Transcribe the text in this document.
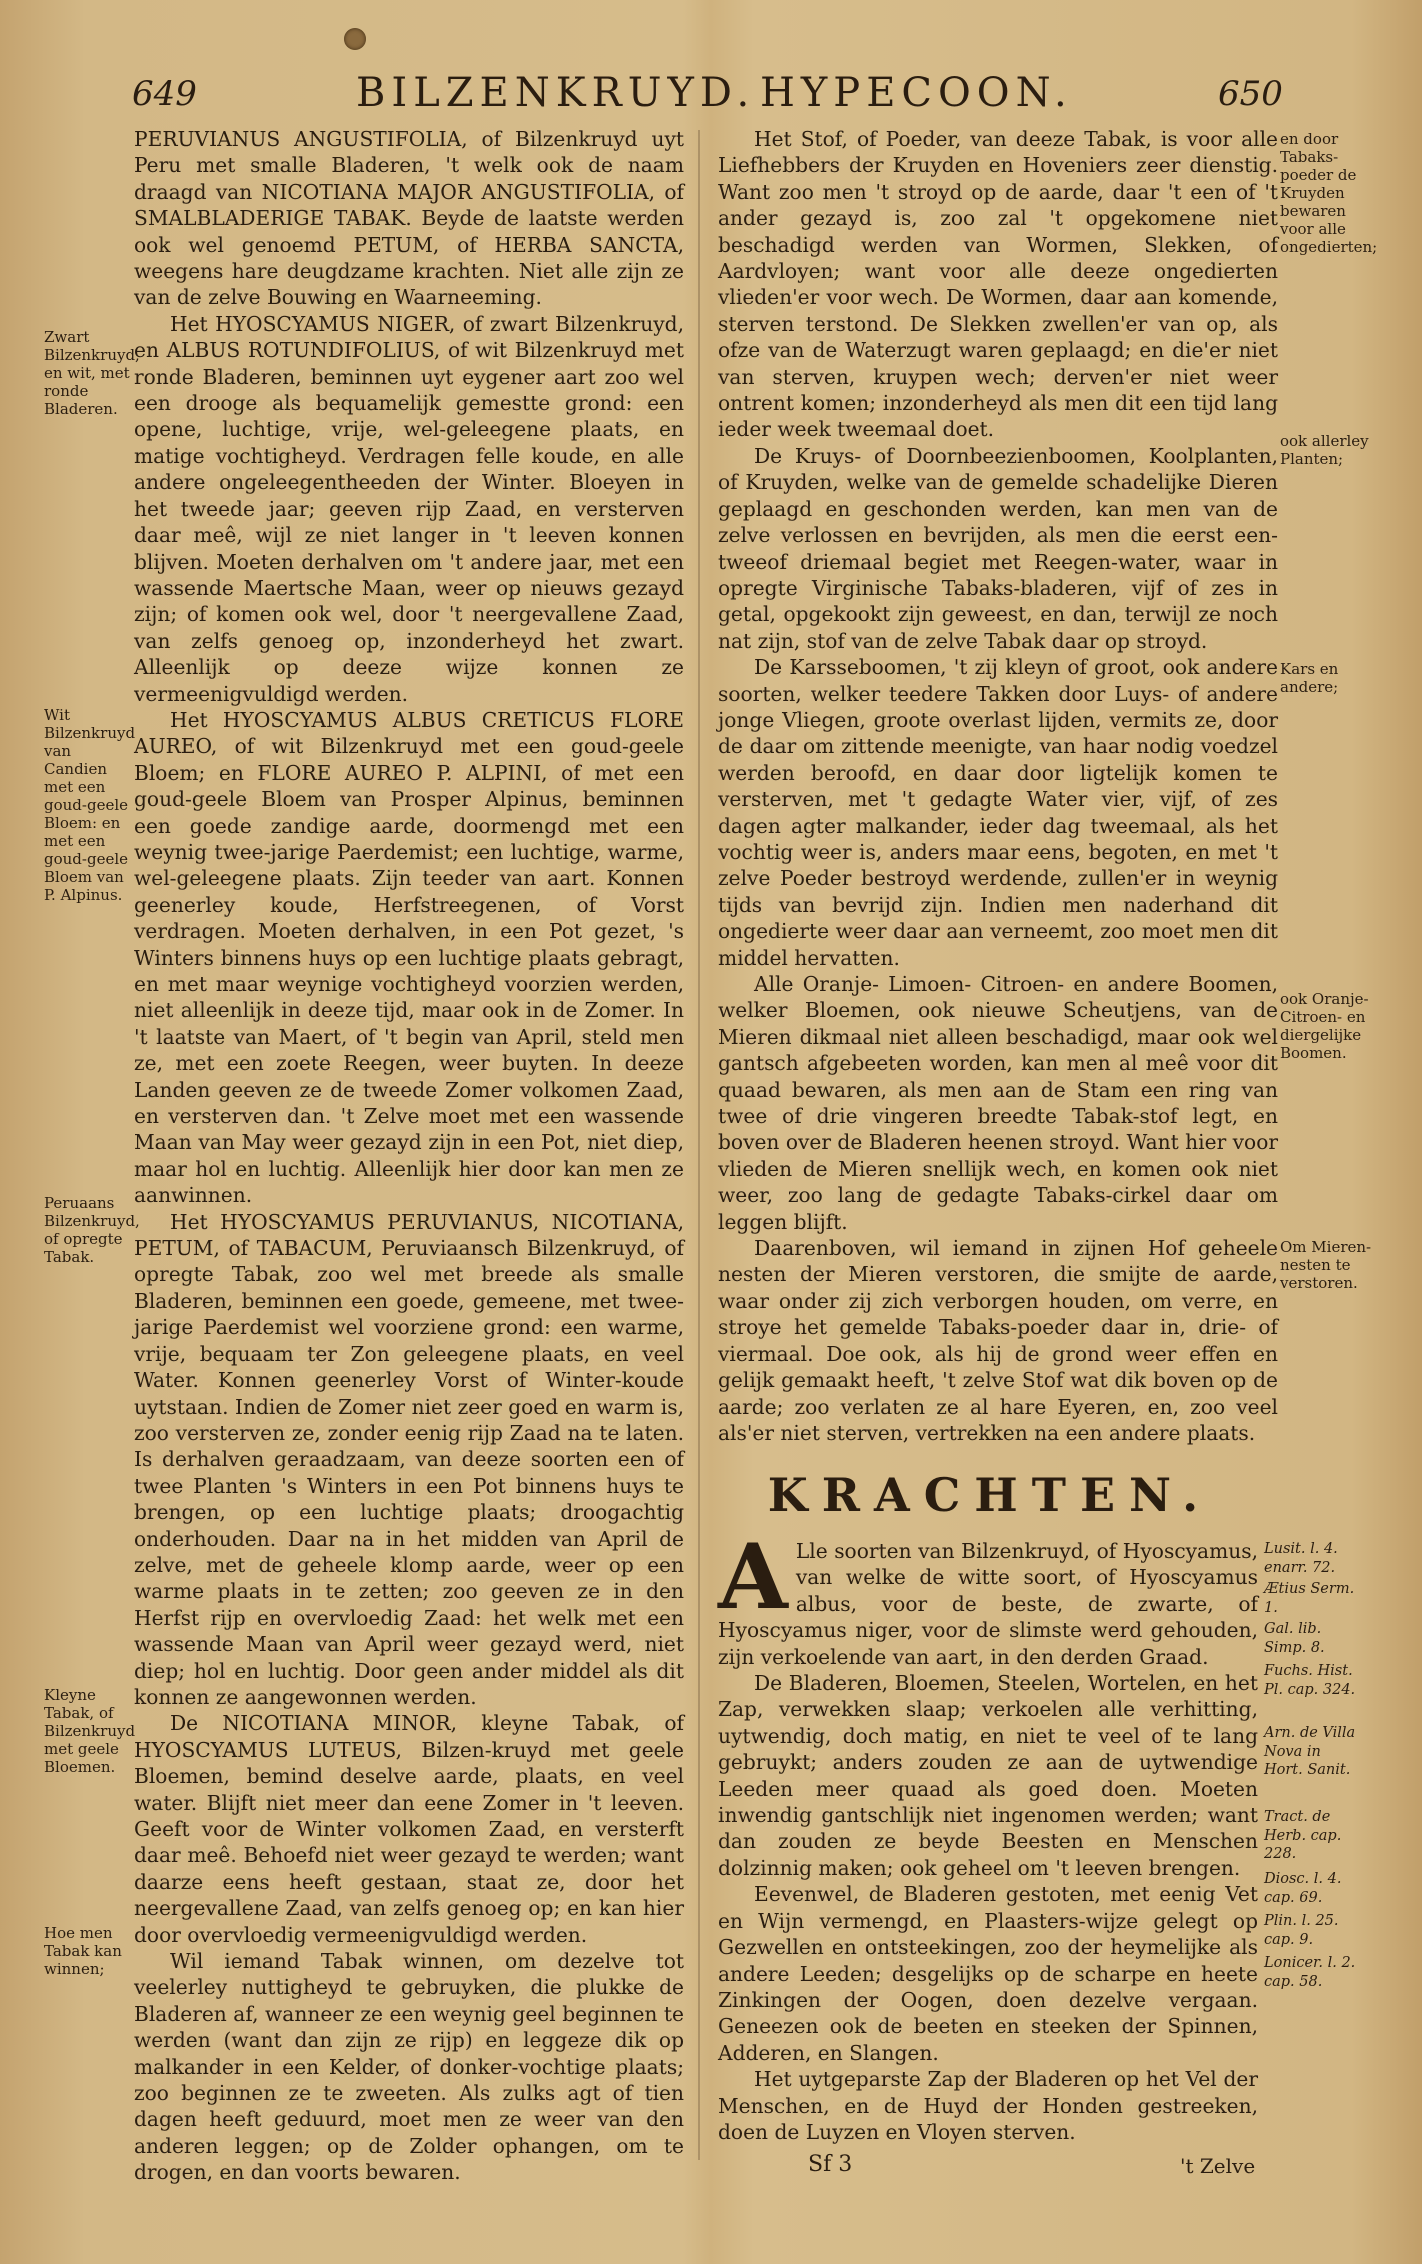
649	BILZENKRUYD. HYPECOON.	650
Zwart Bilzenkruyd, en wit, met ronde Bladeren.
Wit Bilzenkruyd van Candien met een goud-geele Bloem: en met een goud-geele Bloem van P. Alpinus.
Peruaans Bilzenkruyd, of opregte Tabak.
Kleyne Tabak, of Bilzenkruyd met geele Bloemen.
Hoe men Tabak kan winnen;

PERUVIANUS ANGUSTIFOLIA, of Bilzenkruyd uyt Peru met smalle Bladeren, 't welk ook de naam draagd van NICOTIANA MAJOR ANGUSTIFOLIA, of SMALBLADERIGE TABAK. Beyde de laatste werden ook wel genoemd PETUM, of HERBA SANCTA, weegens hare deugdzame krachten. Niet alle zijn ze van de zelve Bouwing en Waarneeming.

Het HYOSCYAMUS NIGER, of zwart Bilzenkruyd, en ALBUS ROTUNDIFOLIUS, of wit Bilzenkruyd met ronde Bladeren, beminnen uyt eygener aart zoo wel een drooge als bequamelijk gemestte grond: een opene, luchtige, vrije, wel-geleegene plaats, en matige vochtigheyd. Verdragen felle koude, en alle andere ongeleegentheeden der Winter. Bloeyen in het tweede jaar; geeven rijp Zaad, en versterven daar meê, wijl ze niet langer in 't leeven konnen blijven. Moeten derhalven om 't andere jaar, met een wassende Maertsche Maan, weer op nieuws gezayd zijn; of komen ook wel, door 't neergevallene Zaad, van zelfs genoeg op, inzonderheyd het zwart. Alleenlijk op deeze wijze konnen ze vermeenigvuldigd werden.

Het HYOSCYAMUS ALBUS CRETICUS FLORE AUREO, of wit Bilzenkruyd met een goud-geele Bloem; en FLORE AUREO P. ALPINI, of met een goud-geele Bloem van Prosper Alpinus, beminnen een goede zandige aarde, doormengd met een weynig twee-jarige Paerdemist; een luchtige, warme, wel-geleegene plaats. Zijn teeder van aart. Konnen geenerley koude, Herfstreegenen, of Vorst verdragen. Moeten derhalven, in een Pot gezet, 's Winters binnens huys op een luchtige plaats gebragt, en met maar weynige vochtigheyd voorzien werden, niet alleenlijk in deeze tijd, maar ook in de Zomer. In 't laatste van Maert, of 't begin van April, steld men ze, met een zoete Reegen, weer buyten. In deeze Landen geeven ze de tweede Zomer volkomen Zaad, en versterven dan. 't Zelve moet met een wassende Maan van May weer gezayd zijn in een Pot, niet diep, maar hol en luchtig. Alleenlijk hier door kan men ze aanwinnen.

Het HYOSCYAMUS PERUVIANUS, NICOTIANA, PETUM, of TABACUM, Peruviaansch Bilzenkruyd, of opregte Tabak, zoo wel met breede als smalle Bladeren, beminnen een goede, gemeene, met twee-jarige Paerdemist wel voorziene grond: een warme, vrije, bequaam ter Zon geleegene plaats, en veel Water. Konnen geenerley Vorst of Winter-koude uytstaan. Indien de Zomer niet zeer goed en warm is, zoo versterven ze, zonder eenig rijp Zaad na te laten. Is derhalven geraadzaam, van deeze soorten een of twee Planten 's Winters in een Pot binnens huys te brengen, op een luchtige plaats; droogachtig onderhouden. Daar na in het midden van April de zelve, met de geheele klomp aarde, weer op een warme plaats in te zetten; zoo geeven ze in den Herfst rijp en overvloedig Zaad: het welk met een wassende Maan van April weer gezayd werd, niet diep; hol en luchtig. Door geen ander middel als dit konnen ze aangewonnen werden.

De NICOTIANA MINOR, kleyne Tabak, of HYOSCYAMUS LUTEUS, Bilzen-kruyd met geele Bloemen, bemind deselve aarde, plaats, en veel water. Blijft niet meer dan eene Zomer in 't leeven. Geeft voor de Winter volkomen Zaad, en versterft daar meê. Behoefd niet weer gezayd te werden; want daarze eens heeft gestaan, staat ze, door het neergevallene Zaad, van zelfs genoeg op; en kan hier door overvloedig vermeenigvuldigd werden.

Wil iemand Tabak winnen, om dezelve tot veelerley nuttigheyd te gebruyken, die plukke de Bladeren af, wanneer ze een weynig geel beginnen te werden (want dan zijn ze rijp) en leggeze dik op malkander in een Kelder, of donker-vochtige plaats; zoo beginnen ze te zweeten. Als zulks agt of tien dagen heeft geduurd, moet men ze weer van den anderen leggen; op de Zolder ophangen, om te drogen, en dan voorts bewaren.

en door Tabaks-poeder de Kruyden bewaren voor alle ongedierten;
ook allerley Planten;
Kars en andere;
ook Oranje- Citroen- en diergelijke Boomen.
Om Mieren-nesten te verstoren.

Het Stof, of Poeder, van deeze Tabak, is voor alle Liefhebbers der Kruyden en Hoveniers zeer dienstig. Want zoo men 't stroyd op de aarde, daar 't een of 't ander gezayd is, zoo zal 't opgekomene niet beschadigd werden van Wormen, Slekken, of Aardvloyen; want voor alle deeze ongedierten vlieden'er voor wech. De Wormen, daar aan komende, sterven terstond. De Slekken zwellen'er van op, als ofze van de Waterzugt waren geplaagd; en die'er niet van sterven, kruypen wech; derven'er niet weer ontrent komen; inzonderheyd als men dit een tijd lang ieder week tweemaal doet.

De Kruys- of Doornbeezienboomen, Koolplanten, of Kruyden, welke van de gemelde schadelijke Dieren geplaagd en geschonden werden, kan men van de zelve verlossen en bevrijden, als men die eerst een- tweeof driemaal begiet met Reegen-water, waar in opregte Virginische Tabaks-bladeren, vijf of zes in getal, opgekookt zijn geweest, en dan, terwijl ze noch nat zijn, stof van de zelve Tabak daar op stroyd.

De Karsseboomen, 't zij kleyn of groot, ook andere soorten, welker teedere Takken door Luys- of andere jonge Vliegen, groote overlast lijden, vermits ze, door de daar om zittende meenigte, van haar nodig voedzel werden beroofd, en daar door ligtelijk komen te versterven, met 't gedagte Water vier, vijf, of zes dagen agter malkander, ieder dag tweemaal, als het vochtig weer is, anders maar eens, begoten, en met 't zelve Poeder bestroyd werdende, zullen'er in weynig tijds van bevrijd zijn. Indien men naderhand dit ongedierte weer daar aan verneemt, zoo moet men dit middel hervatten.

Alle Oranje- Limoen- Citroen- en andere Boomen, welker Bloemen, ook nieuwe Scheutjens, van de Mieren dikmaal niet alleen beschadigd, maar ook wel gantsch afgebeeten worden, kan men al meê voor dit quaad bewaren, als men aan de Stam een ring van twee of drie vingeren breedte Tabak-stof legt, en boven over de Bladeren heenen stroyd. Want hier voor vlieden de Mieren snellijk wech, en komen ook niet weer, zoo lang de gedagte Tabaks-cirkel daar om leggen blijft.

Daarenboven, wil iemand in zijnen Hof geheele nesten der Mieren verstoren, die smijte de aarde, waar onder zij zich verborgen houden, om verre, en stroye het gemelde Tabaks-poeder daar in, drie- of viermaal. Doe ook, als hij de grond weer effen en gelijk gemaakt heeft, 't zelve Stof wat dik boven op de aarde; zoo verlaten ze al hare Eyeren, en, zoo veel als'er niet sterven, vertrekken na een andere plaats.

KRACHTEN.

A Lle soorten van Bilzenkruyd, of Hyoscyamus, van welke de witte soort, of Hyoscyamus albus, voor de beste, de zwarte, of Hyoscyamus niger, voor de slimste werd gehouden, zijn verkoelende van aart, in den derden Graad.

De Bladeren, Bloemen, Steelen, Wortelen, en het Zap, verwekken slaap; verkoelen alle verhitting, uytwendig, doch matig, en niet te veel of te lang gebruykt; anders zouden ze aan de uytwendige Leeden meer quaad als goed doen. Moeten inwendig gantschlijk niet ingenomen werden; want dan zouden ze beyde Beesten en Menschen dolzinnig maken; ook geheel om 't leeven brengen.

Eevenwel, de Bladeren gestoten, met eenig Vet en Wijn vermengd, en Plaasters-wijze gelegt op Gezwellen en ontsteekingen, zoo der heymelijke als andere Leeden; desgelijks op de scharpe en heete Zinkingen der Oogen, doen dezelve vergaan. Geneezen ook de beeten en steeken der Spinnen, Adderen, en Slangen.

Het uytgeparste Zap der Bladeren op het Vel der Menschen, en de Huyd der Honden gestreeken, doen de Luyzen en Vloyen sterven.

Lusit. l. 4. enarr. 72.
Ætius Serm. 1.
Gal. lib. Simp. 8.
Fuchs. Hist. Pl. cap. 324.
Arn. de Villa Nova in Hort. Sanit.
Tract. de Herb. cap. 228.
Diosc. l. 4. cap. 69.
Plin. l. 25. cap. 9.
Lonicer. l. 2. cap. 58.
Sf 3	't Zelve
